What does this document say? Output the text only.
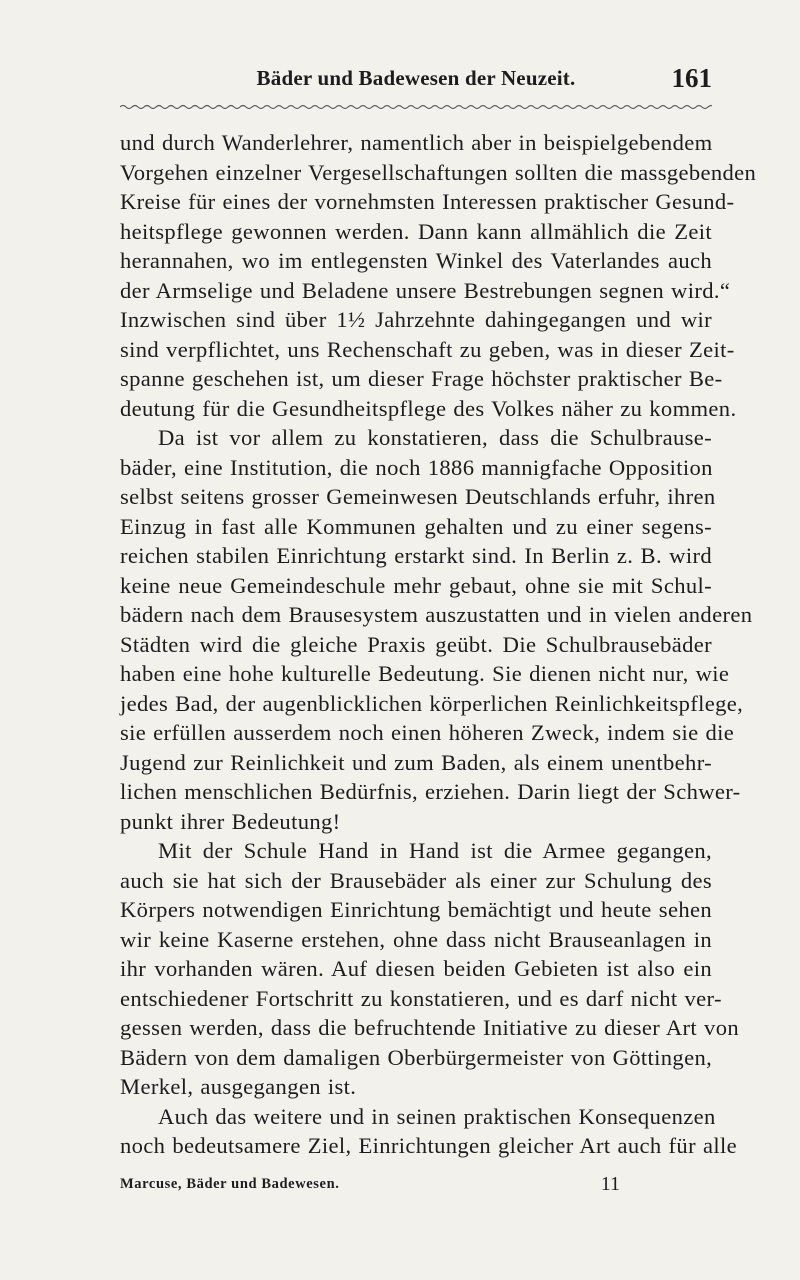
Bäder und Badewesen der Neuzeit.	161
und durch Wanderlehrer, namentlich aber in beispielgebendem
Vorgehen einzelner Vergesellschaftungen sollten die massgebenden
Kreise für eines der vornehmsten Interessen praktischer Gesund-
heitspflege gewonnen werden. Dann kann allmählich die Zeit
herannahen, wo im entlegensten Winkel des Vaterlandes auch
der Armselige und Beladene unsere Bestrebungen segnen wird.“
Inzwischen sind über 1½ Jahrzehnte dahingegangen und wir
sind verpflichtet, uns Rechenschaft zu geben, was in dieser Zeit-
spanne geschehen ist, um dieser Frage höchster praktischer Be-
deutung für die Gesundheitspflege des Volkes näher zu kommen.
Da ist vor allem zu konstatieren, dass die Schulbrause-
bäder, eine Institution, die noch 1886 mannigfache Opposition
selbst seitens grosser Gemeinwesen Deutschlands erfuhr, ihren
Einzug in fast alle Kommunen gehalten und zu einer segens-
reichen stabilen Einrichtung erstarkt sind. In Berlin z. B. wird
keine neue Gemeindeschule mehr gebaut, ohne sie mit Schul-
bädern nach dem Brausesystem auszustatten und in vielen anderen
Städten wird die gleiche Praxis geübt. Die Schulbrausebäder
haben eine hohe kulturelle Bedeutung. Sie dienen nicht nur, wie
jedes Bad, der augenblicklichen körperlichen Reinlichkeitspflege,
sie erfüllen ausserdem noch einen höheren Zweck, indem sie die
Jugend zur Reinlichkeit und zum Baden, als einem unentbehr-
lichen menschlichen Bedürfnis, erziehen. Darin liegt der Schwer-
punkt ihrer Bedeutung!
Mit der Schule Hand in Hand ist die Armee gegangen,
auch sie hat sich der Brausebäder als einer zur Schulung des
Körpers notwendigen Einrichtung bemächtigt und heute sehen
wir keine Kaserne erstehen, ohne dass nicht Brauseanlagen in
ihr vorhanden wären. Auf diesen beiden Gebieten ist also ein
entschiedener Fortschritt zu konstatieren, und es darf nicht ver-
gessen werden, dass die befruchtende Initiative zu dieser Art von
Bädern von dem damaligen Oberbürgermeister von Göttingen,
Merkel, ausgegangen ist.
Auch das weitere und in seinen praktischen Konsequenzen
noch bedeutsamere Ziel, Einrichtungen gleicher Art auch für alle
Marcuse, Bäder und Badewesen.	11
